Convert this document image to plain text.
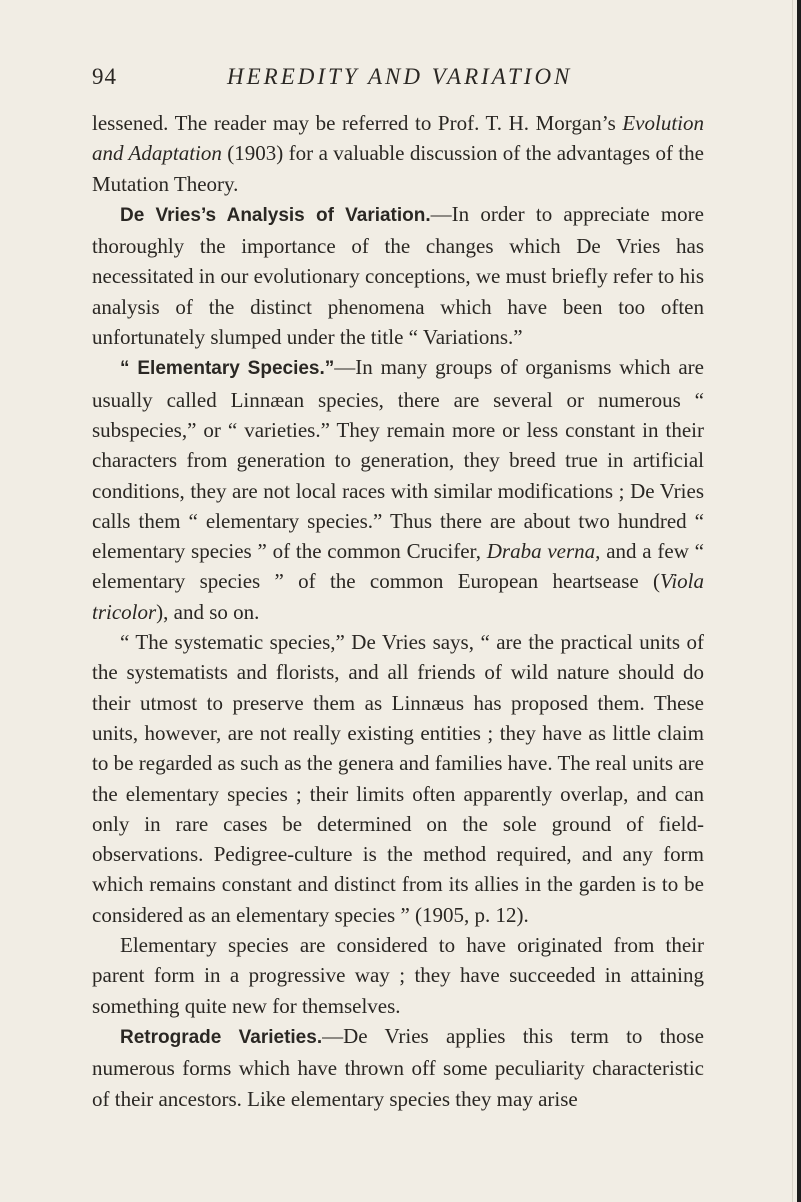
94	HEREDITY AND VARIATION

lessened. The reader may be referred to Prof. T. H. Morgan’s Evolution and Adaptation (1903) for a valuable discussion of the advantages of the Mutation Theory.

De Vries’s Analysis of Variation.—In order to appreciate more thoroughly the importance of the changes which De Vries has necessitated in our evolutionary conceptions, we must briefly refer to his analysis of the distinct phenomena which have been too often unfortunately slumped under the title “ Variations.”

“ Elementary Species.”—In many groups of organisms which are usually called Linnæan species, there are several or numerous “ subspecies,” or “ varieties.” They remain more or less constant in their characters from generation to generation, they breed true in artificial conditions, they are not local races with similar modifications ; De Vries calls them “ elementary species.” Thus there are about two hundred “ elementary species ” of the common Crucifer, Draba verna, and a few “ elementary species ” of the common European heartsease (Viola tricolor), and so on.

“ The systematic species,” De Vries says, “ are the practical units of the systematists and florists, and all friends of wild nature should do their utmost to preserve them as Linnæus has proposed them. These units, however, are not really existing entities ; they have as little claim to be regarded as such as the genera and families have. The real units are the elementary species ; their limits often apparently overlap, and can only in rare cases be determined on the sole ground of field-observations. Pedigree-culture is the method required, and any form which remains constant and distinct from its allies in the garden is to be considered as an elementary species ” (1905, p. 12).

Elementary species are considered to have originated from their parent form in a progressive way ; they have succeeded in attaining something quite new for themselves.

Retrograde Varieties.—De Vries applies this term to those numerous forms which have thrown off some peculiarity characteristic of their ancestors. Like elementary species they may arise
